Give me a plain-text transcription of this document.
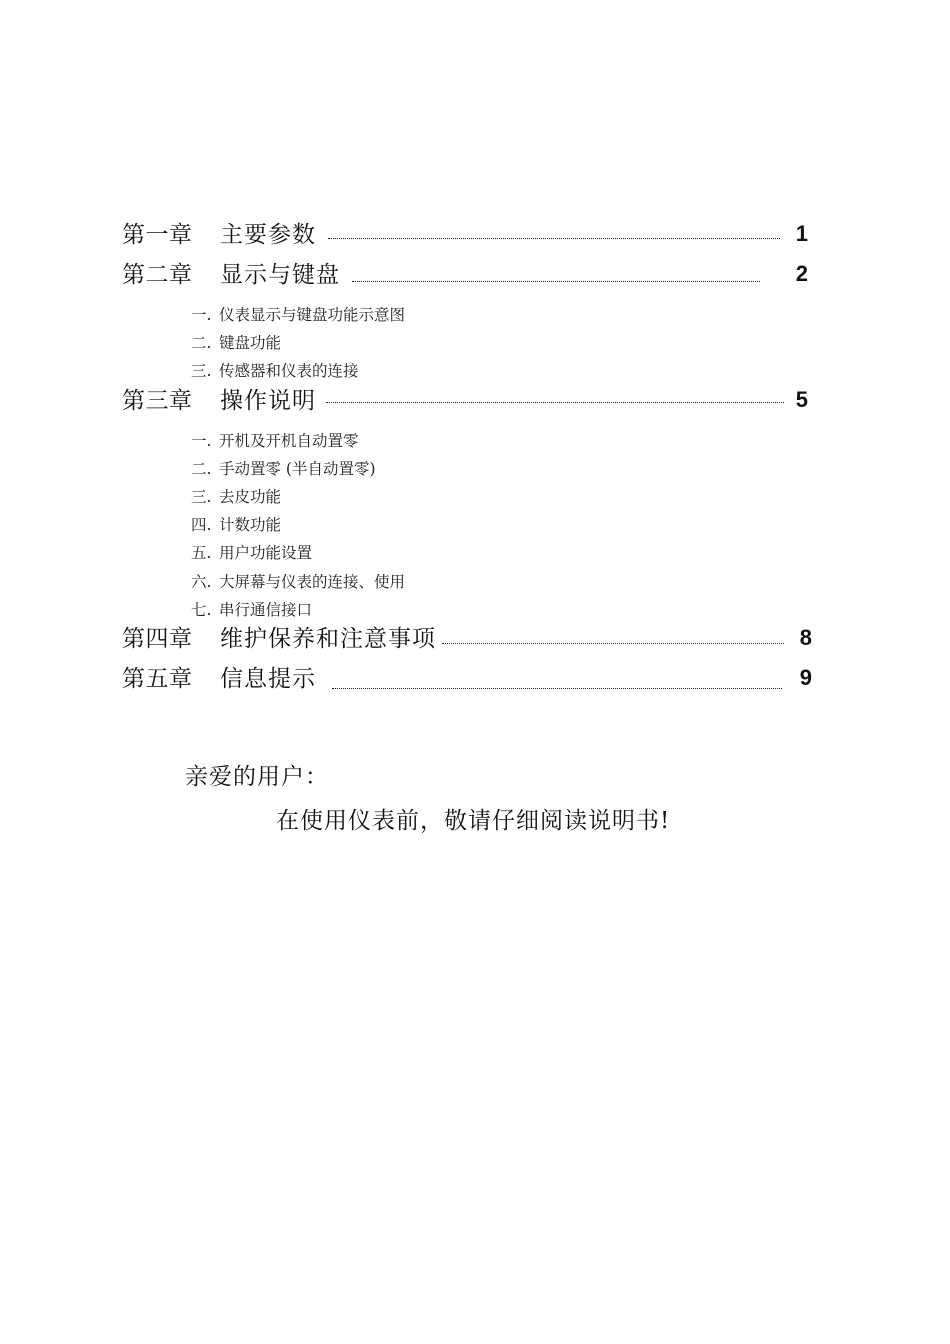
第一章	主要参数	1
第二章	显示与键盘	2
一. 仪表显示与键盘功能示意图
二. 键盘功能
三. 传感器和仪表的连接
第三章	操作说明	5
一. 开机及开机自动置零
二. 手动置零 (半自动置零)
三. 去皮功能
四. 计数功能
五. 用户功能设置
六. 大屏幕与仪表的连接、使用
七. 串行通信接口
第四章	维护保养和注意事项	8
第五章	信息提示	9
亲爱的用户：
在使用仪表前，敬请仔细阅读说明书!
